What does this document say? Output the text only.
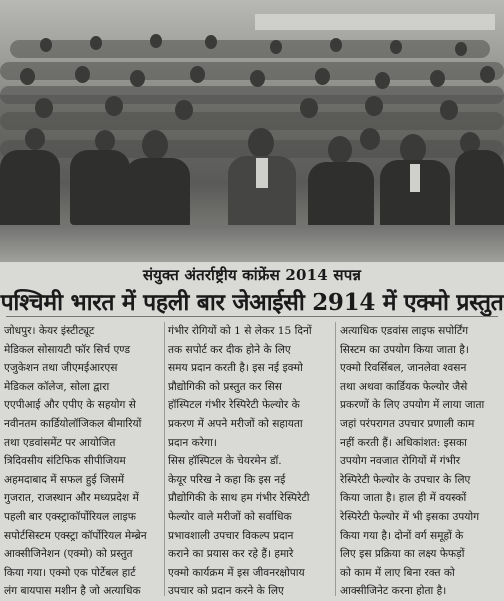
संयुक्त अंतर्राष्ट्रीय कांफ्रेंस 2014 सपन्न
पश्चिमी भारत में पहली बार जेआईसी 2914 में एक्मो प्रस्तुत

जोधपुर। केयर इंस्टीट्यूट

मेडिकल सोसायटी फॉर सिर्च एण्ड

एजुकेशन तथा जीएमईआरएस

मेडिकल कॉलेज, सोला द्वारा

एएपीआई और एपीए के सहयोग से

नवीनतम कार्डियोलॉजिकल बीमारियों

तथा एडवांसमेंट पर आयोजित

त्रिदिवसीय संटिफिक सीपीजियम

अहमदाबाद में सफल हुई जिसमें

गुजरात, राजस्थान और मध्यप्रदेश में

पहली बार एक्स्ट्राकॉर्पोरियल लाइफ

सपोर्टसिस्टम एक्स्ट्रा कॉर्पोरियल मेम्ब्रेन

आक्सीजिनेशन (एक्मो) को प्रस्तुत

किया गया। एक्मो एक पोर्टेबल हार्ट

लंग बायपास मशीन है जो अत्याधिक

गंभीर रोगियों को 1 से लेकर 15 दिनों

तक सपोर्ट कर दीक होने के लिए

समय प्रदान करती है। इस नई इक्मो

प्रौद्योगिकी को प्रस्तुत कर सिस

हॉस्पिटल गंभीर रेस्पिरेटी फेल्योर के

प्रकरण में अपने मरीजों को सहायता

प्रदान करेगा।

सिस हॉस्पिटल के चेयरमेन डॉ.

केयूर परिख ने कहा कि इस नई

प्रौद्योगिकी के साथ हम गंभीर रेस्पिरेटी

फेल्योर वाले मरीजों को सर्वाधिक

प्रभावशाली उपचार विकल्प प्रदान

कराने का प्रयास कर रहे हैं। हमारे

एक्मो कार्यक्रम में इस जीवनरक्षोपाय

उपचार को प्रदान करने के लिए

अत्याधिक एडवांस लाइफ सपोर्टिंग

सिस्टम का उपयोग किया जाता है।

एक्मो रिवर्सिबल, जानलेवा श्वसन

तथा अथवा कार्डियक फेल्योर जैसे

प्रकरणों के लिए उपयोग में लाया जाता

जहां परंपरागत उपचार प्रणाली काम

नहीं करती हैं। अधिकांशत: इसका

उपयोग नवजात रोगियों में गंभीर

रेस्पिरेटी फेल्योर के उपचार के लिए

किया जाता है। हाल ही में वयस्कों

रेस्पिरेटी फेल्योर में भी इसका उपयोग

किया गया है। दोनों वर्ग समूहों के

लिए इस प्रक्रिया का लक्ष्य फेफड़ों

को काम में लाए बिना रक्त को

आक्सीजिनेट करना होता है।
